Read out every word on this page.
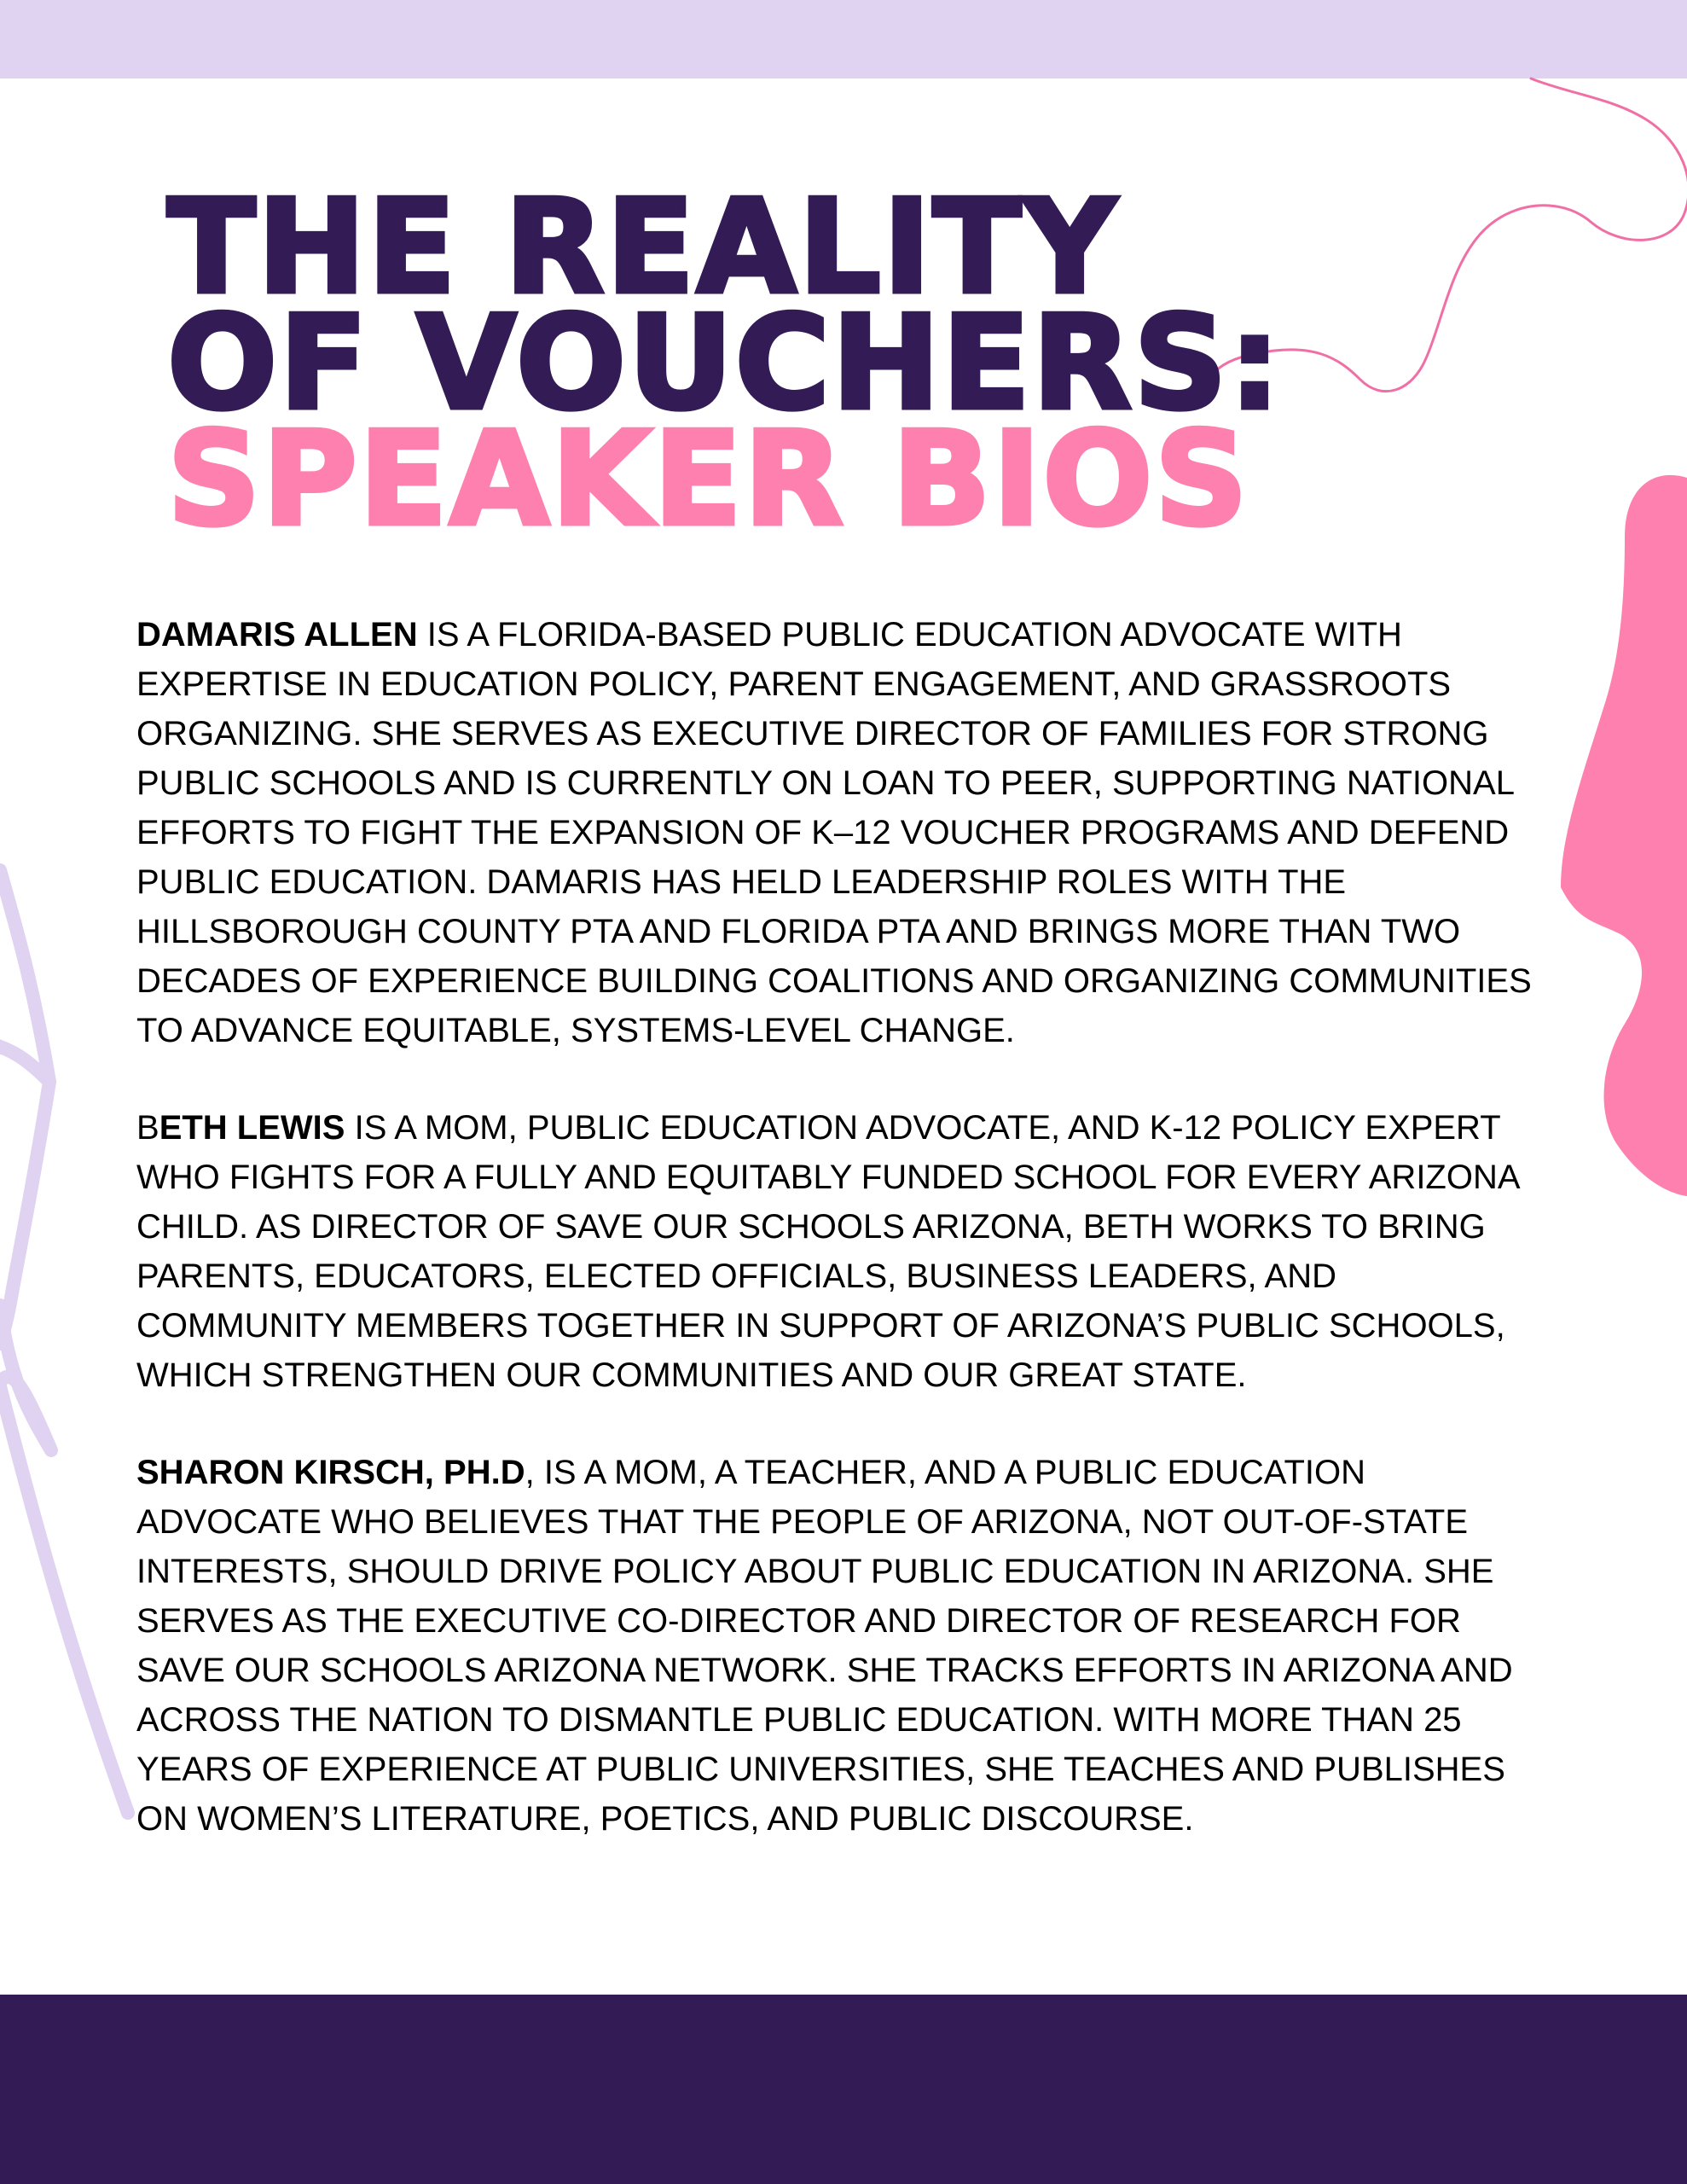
THE REALITY
OF VOUCHERS:
SPEAKER BIOS

DAMARIS ALLEN IS A FLORIDA-BASED PUBLIC EDUCATION ADVOCATE WITH EXPERTISE IN EDUCATION POLICY, PARENT ENGAGEMENT, AND GRASSROOTS ORGANIZING. SHE SERVES AS EXECUTIVE DIRECTOR OF FAMILIES FOR STRONG PUBLIC SCHOOLS AND IS CURRENTLY ON LOAN TO PEER, SUPPORTING NATIONAL EFFORTS TO FIGHT THE EXPANSION OF K–12 VOUCHER PROGRAMS AND DEFEND PUBLIC EDUCATION. DAMARIS HAS HELD LEADERSHIP ROLES WITH THE HILLSBOROUGH COUNTY PTA AND FLORIDA PTA AND BRINGS MORE THAN TWO DECADES OF EXPERIENCE BUILDING COALITIONS AND ORGANIZING COMMUNITIES TO ADVANCE EQUITABLE, SYSTEMS-LEVEL CHANGE.

BETH LEWIS IS A MOM, PUBLIC EDUCATION ADVOCATE, AND K-12 POLICY EXPERT WHO FIGHTS FOR A FULLY AND EQUITABLY FUNDED SCHOOL FOR EVERY ARIZONA CHILD. AS DIRECTOR OF SAVE OUR SCHOOLS ARIZONA, BETH WORKS TO BRING PARENTS, EDUCATORS, ELECTED OFFICIALS, BUSINESS LEADERS, AND COMMUNITY MEMBERS TOGETHER IN SUPPORT OF ARIZONA’S PUBLIC SCHOOLS, WHICH STRENGTHEN OUR COMMUNITIES AND OUR GREAT STATE.

SHARON KIRSCH, PH.D, IS A MOM, A TEACHER, AND A PUBLIC EDUCATION ADVOCATE WHO BELIEVES THAT THE PEOPLE OF ARIZONA, NOT OUT-OF-STATE INTERESTS, SHOULD DRIVE POLICY ABOUT PUBLIC EDUCATION IN ARIZONA. SHE SERVES AS THE EXECUTIVE CO-DIRECTOR AND DIRECTOR OF RESEARCH FOR SAVE OUR SCHOOLS ARIZONA NETWORK. SHE TRACKS EFFORTS IN ARIZONA AND ACROSS THE NATION TO DISMANTLE PUBLIC EDUCATION. WITH MORE THAN 25 YEARS OF EXPERIENCE AT PUBLIC UNIVERSITIES, SHE TEACHES AND PUBLISHES ON WOMEN’S LITERATURE, POETICS, AND PUBLIC DISCOURSE.
